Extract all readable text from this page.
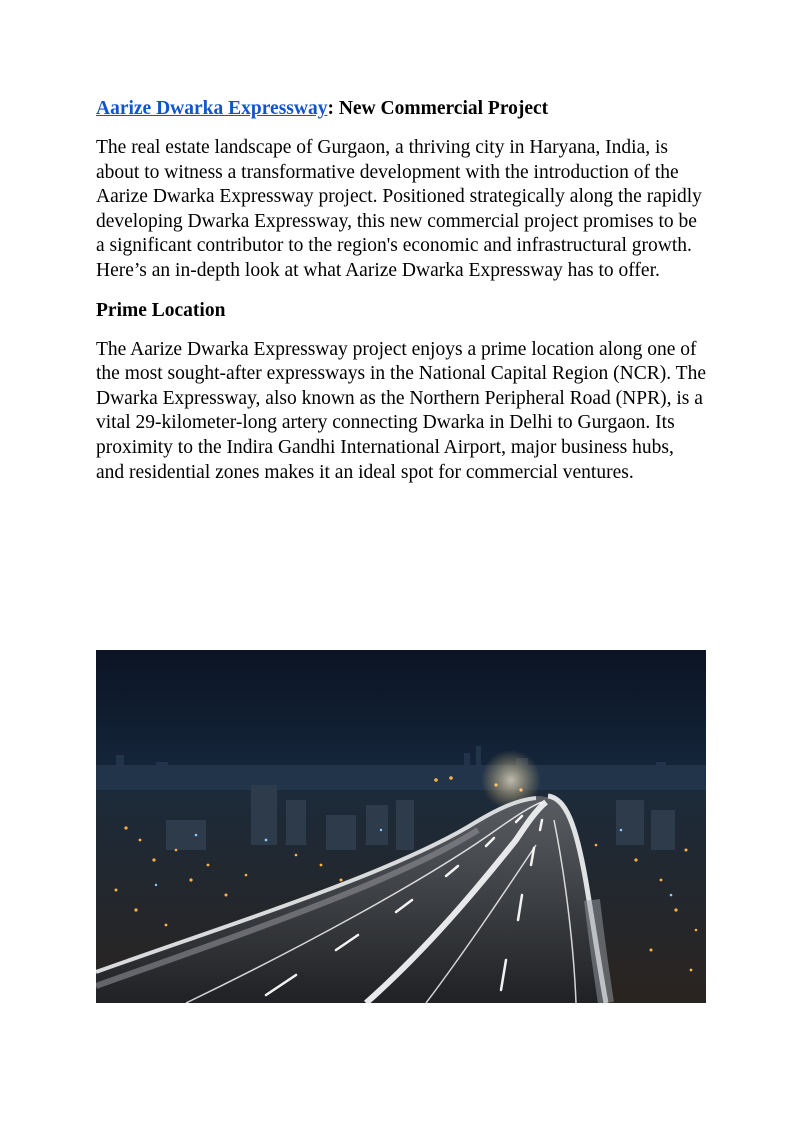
Aarize Dwarka Expressway: New Commercial Project

The real estate landscape of Gurgaon, a thriving city in Haryana, India, is about to witness a transformative development with the introduction of the Aarize Dwarka Expressway project. Positioned strategically along the rapidly developing Dwarka Expressway, this new commercial project promises to be a significant contributor to the region's economic and infrastructural growth. Here’s an in-depth look at what Aarize Dwarka Expressway has to offer.

Prime Location

The Aarize Dwarka Expressway project enjoys a prime location along one of the most sought-after expressways in the National Capital Region (NCR). The Dwarka Expressway, also known as the Northern Peripheral Road (NPR), is a vital 29-kilometer-long artery connecting Dwarka in Delhi to Gurgaon. Its proximity to the Indira Gandhi International Airport, major business hubs, and residential zones makes it an ideal spot for commercial ventures.
